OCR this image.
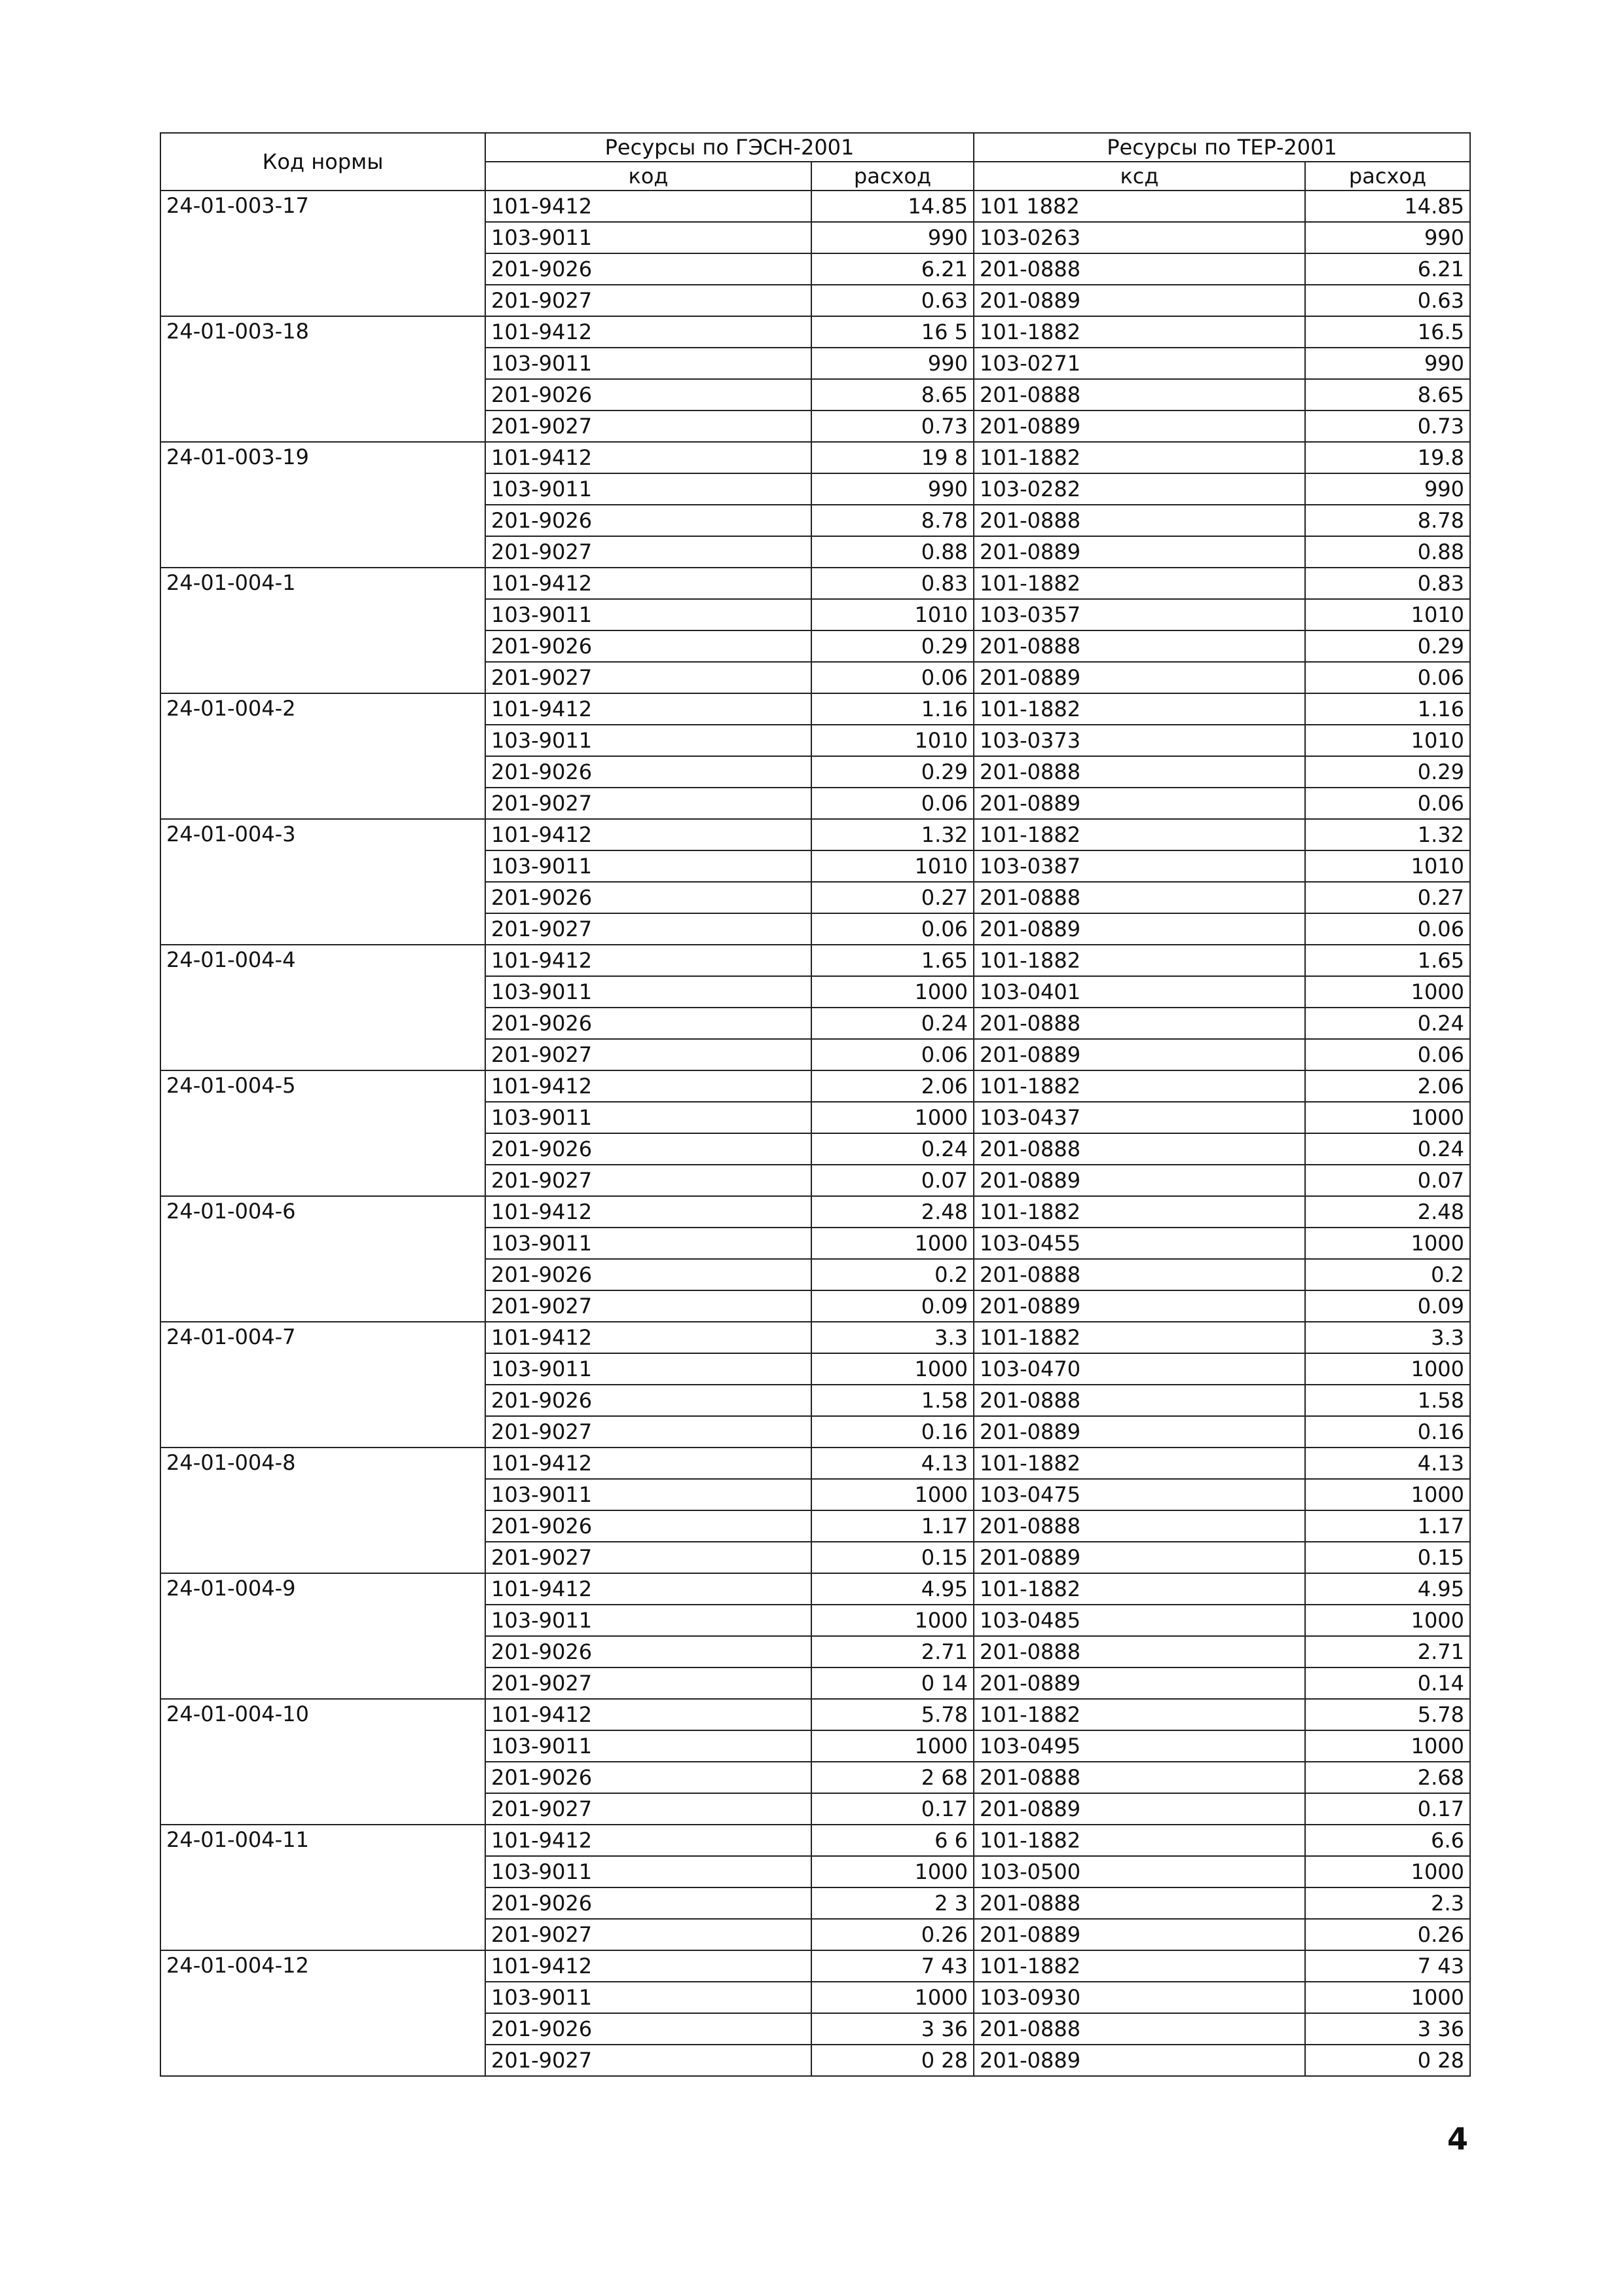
Код нормы	Ресурсы по ГЭСН-2001		Ресурсы по ТЕР-2001	
	код	расход	ксд	расход
24-01-003-17	101-9412	14.85	101 1882	14.85
	103-9011	990	103-0263	990
	201-9026	6.21	201-0888	6.21
	201-9027	0.63	201-0889	0.63
24-01-003-18	101-9412	16 5	101-1882	16.5
	103-9011	990	103-0271	990
	201-9026	8.65	201-0888	8.65
	201-9027	0.73	201-0889	0.73
24-01-003-19	101-9412	19 8	101-1882	19.8
	103-9011	990	103-0282	990
	201-9026	8.78	201-0888	8.78
	201-9027	0.88	201-0889	0.88
24-01-004-1	101-9412	0.83	101-1882	0.83
	103-9011	1010	103-0357	1010
	201-9026	0.29	201-0888	0.29
	201-9027	0.06	201-0889	0.06
24-01-004-2	101-9412	1.16	101-1882	1.16
	103-9011	1010	103-0373	1010
	201-9026	0.29	201-0888	0.29
	201-9027	0.06	201-0889	0.06
24-01-004-3	101-9412	1.32	101-1882	1.32
	103-9011	1010	103-0387	1010
	201-9026	0.27	201-0888	0.27
	201-9027	0.06	201-0889	0.06
24-01-004-4	101-9412	1.65	101-1882	1.65
	103-9011	1000	103-0401	1000
	201-9026	0.24	201-0888	0.24
	201-9027	0.06	201-0889	0.06
24-01-004-5	101-9412	2.06	101-1882	2.06
	103-9011	1000	103-0437	1000
	201-9026	0.24	201-0888	0.24
	201-9027	0.07	201-0889	0.07
24-01-004-6	101-9412	2.48	101-1882	2.48
	103-9011	1000	103-0455	1000
	201-9026	0.2	201-0888	0.2
	201-9027	0.09	201-0889	0.09
24-01-004-7	101-9412	3.3	101-1882	3.3
	103-9011	1000	103-0470	1000
	201-9026	1.58	201-0888	1.58
	201-9027	0.16	201-0889	0.16
24-01-004-8	101-9412	4.13	101-1882	4.13
	103-9011	1000	103-0475	1000
	201-9026	1.17	201-0888	1.17
	201-9027	0.15	201-0889	0.15
24-01-004-9	101-9412	4.95	101-1882	4.95
	103-9011	1000	103-0485	1000
	201-9026	2.71	201-0888	2.71
	201-9027	0 14	201-0889	0.14
24-01-004-10	101-9412	5.78	101-1882	5.78
	103-9011	1000	103-0495	1000
	201-9026	2 68	201-0888	2.68
	201-9027	0.17	201-0889	0.17
24-01-004-11	101-9412	6 6	101-1882	6.6
	103-9011	1000	103-0500	1000
	201-9026	2 3	201-0888	2.3
	201-9027	0.26	201-0889	0.26
24-01-004-12	101-9412	7 43	101-1882	7 43
	103-9011	1000	103-0930	1000
	201-9026	3 36	201-0888	3 36
	201-9027	0 28	201-0889	0 28
4
